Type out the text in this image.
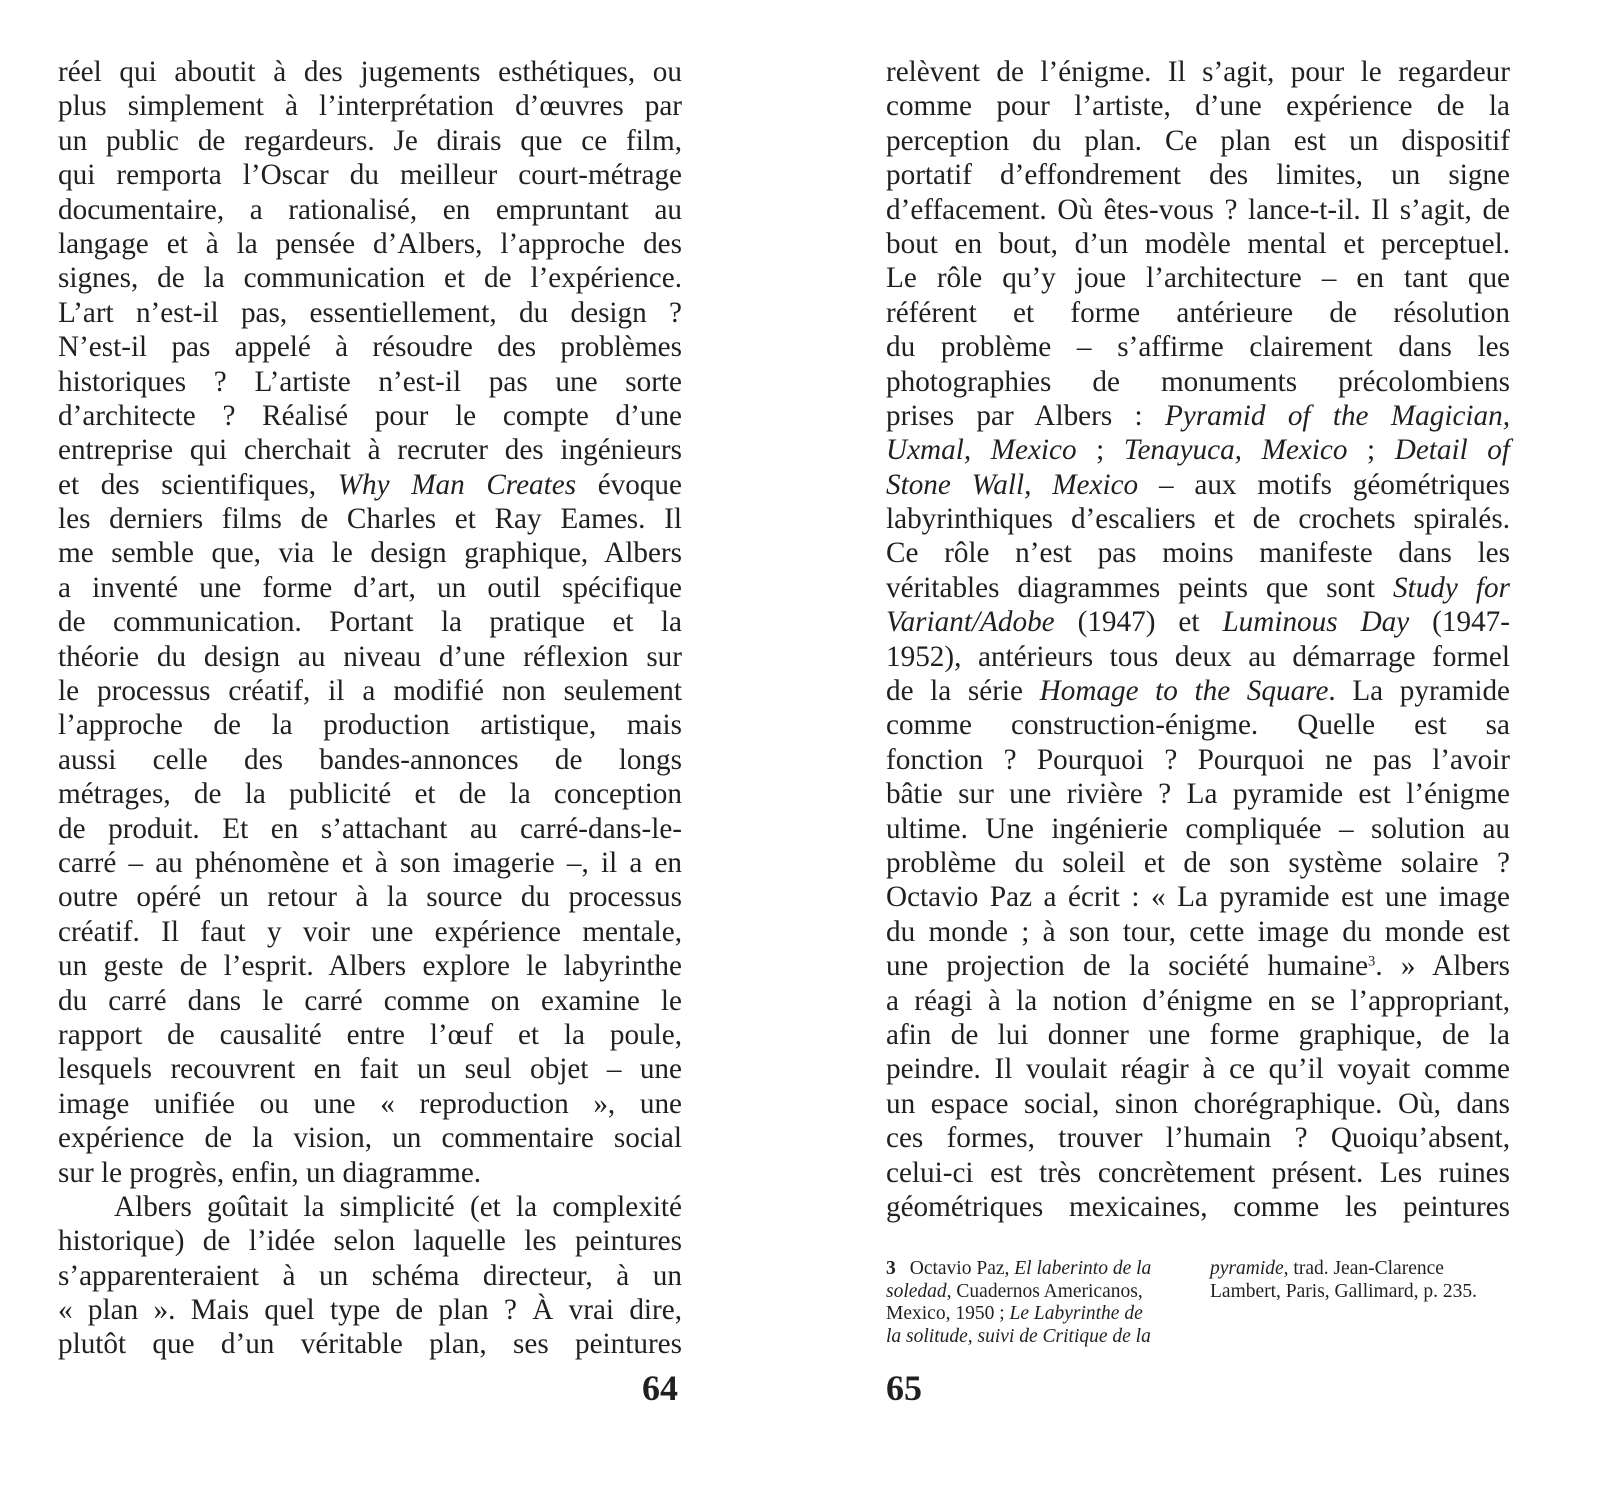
réel qui aboutit à des jugements esthétiques, ou
plus simplement à l’interprétation d’œuvres par
un public de regardeurs. Je dirais que ce film,
qui remporta l’Oscar du meilleur court-métrage
documentaire, a rationalisé, en empruntant au
langage et à la pensée d’Albers, l’approche des
signes, de la communication et de l’expérience.
L’art n’est-il pas, essentiellement, du design ?
N’est-il pas appelé à résoudre des problèmes
historiques ? L’artiste n’est-il pas une sorte
d’architecte ? Réalisé pour le compte d’une
entreprise qui cherchait à recruter des ingénieurs
et des scientifiques, Why Man Creates évoque
les derniers films de Charles et Ray Eames. Il
me semble que, via le design graphique, Albers
a inventé une forme d’art, un outil spécifique
de communication. Portant la pratique et la
théorie du design au niveau d’une réflexion sur
le processus créatif, il a modifié non seulement
l’approche de la production artistique, mais
aussi celle des bandes-annonces de longs
métrages, de la publicité et de la conception
de produit. Et en s’attachant au carré-dans-le-
carré – au phénomène et à son imagerie –, il a en
outre opéré un retour à la source du processus
créatif. Il faut y voir une expérience mentale,
un geste de l’esprit. Albers explore le labyrinthe
du carré dans le carré comme on examine le
rapport de causalité entre l’œuf et la poule,
lesquels recouvrent en fait un seul objet – une
image unifiée ou une « reproduction », une
expérience de la vision, un commentaire social
sur le progrès, enfin, un diagramme.
Albers goûtait la simplicité (et la complexité
historique) de l’idée selon laquelle les peintures
s’apparenteraient à un schéma directeur, à un
« plan ». Mais quel type de plan ? À vrai dire,
plutôt que d’un véritable plan, ses peintures
64
relèvent de l’énigme. Il s’agit, pour le regardeur
comme pour l’artiste, d’une expérience de la
perception du plan. Ce plan est un dispositif
portatif d’effondrement des limites, un signe
d’effacement. Où êtes-vous ? lance-t-il. Il s’agit, de
bout en bout, d’un modèle mental et perceptuel.
Le rôle qu’y joue l’architecture – en tant que
référent et forme antérieure de résolution
du problème – s’affirme clairement dans les
photographies de monuments précolombiens
prises par Albers : Pyramid of the Magician,
Uxmal, Mexico ; Tenayuca, Mexico ; Detail of
Stone Wall, Mexico – aux motifs géométriques
labyrinthiques d’escaliers et de crochets spiralés.
Ce rôle n’est pas moins manifeste dans les
véritables diagrammes peints que sont Study for
Variant/Adobe (1947) et Luminous Day (1947-
1952), antérieurs tous deux au démarrage formel
de la série Homage to the Square. La pyramide
comme construction-énigme. Quelle est sa
fonction ? Pourquoi ? Pourquoi ne pas l’avoir
bâtie sur une rivière ? La pyramide est l’énigme
ultime. Une ingénierie compliquée – solution au
problème du soleil et de son système solaire ?
Octavio Paz a écrit : « La pyramide est une image
du monde ; à son tour, cette image du monde est
une projection de la société humaine$^3$. » Albers
a réagi à la notion d’énigme en se l’appropriant,
afin de lui donner une forme graphique, de la
peindre. Il voulait réagir à ce qu’il voyait comme
un espace social, sinon chorégraphique. Où, dans
ces formes, trouver l’humain ? Quoiqu’absent,
celui-ci est très concrètement présent. Les ruines
géométriques mexicaines, comme les peintures
3 Octavio Paz, El laberinto de la
soledad, Cuadernos Americanos,
Mexico, 1950 ; Le Labyrinthe de
la solitude, suivi de Critique de la
pyramide, trad. Jean-Clarence
Lambert, Paris, Gallimard, p. 235.
65
